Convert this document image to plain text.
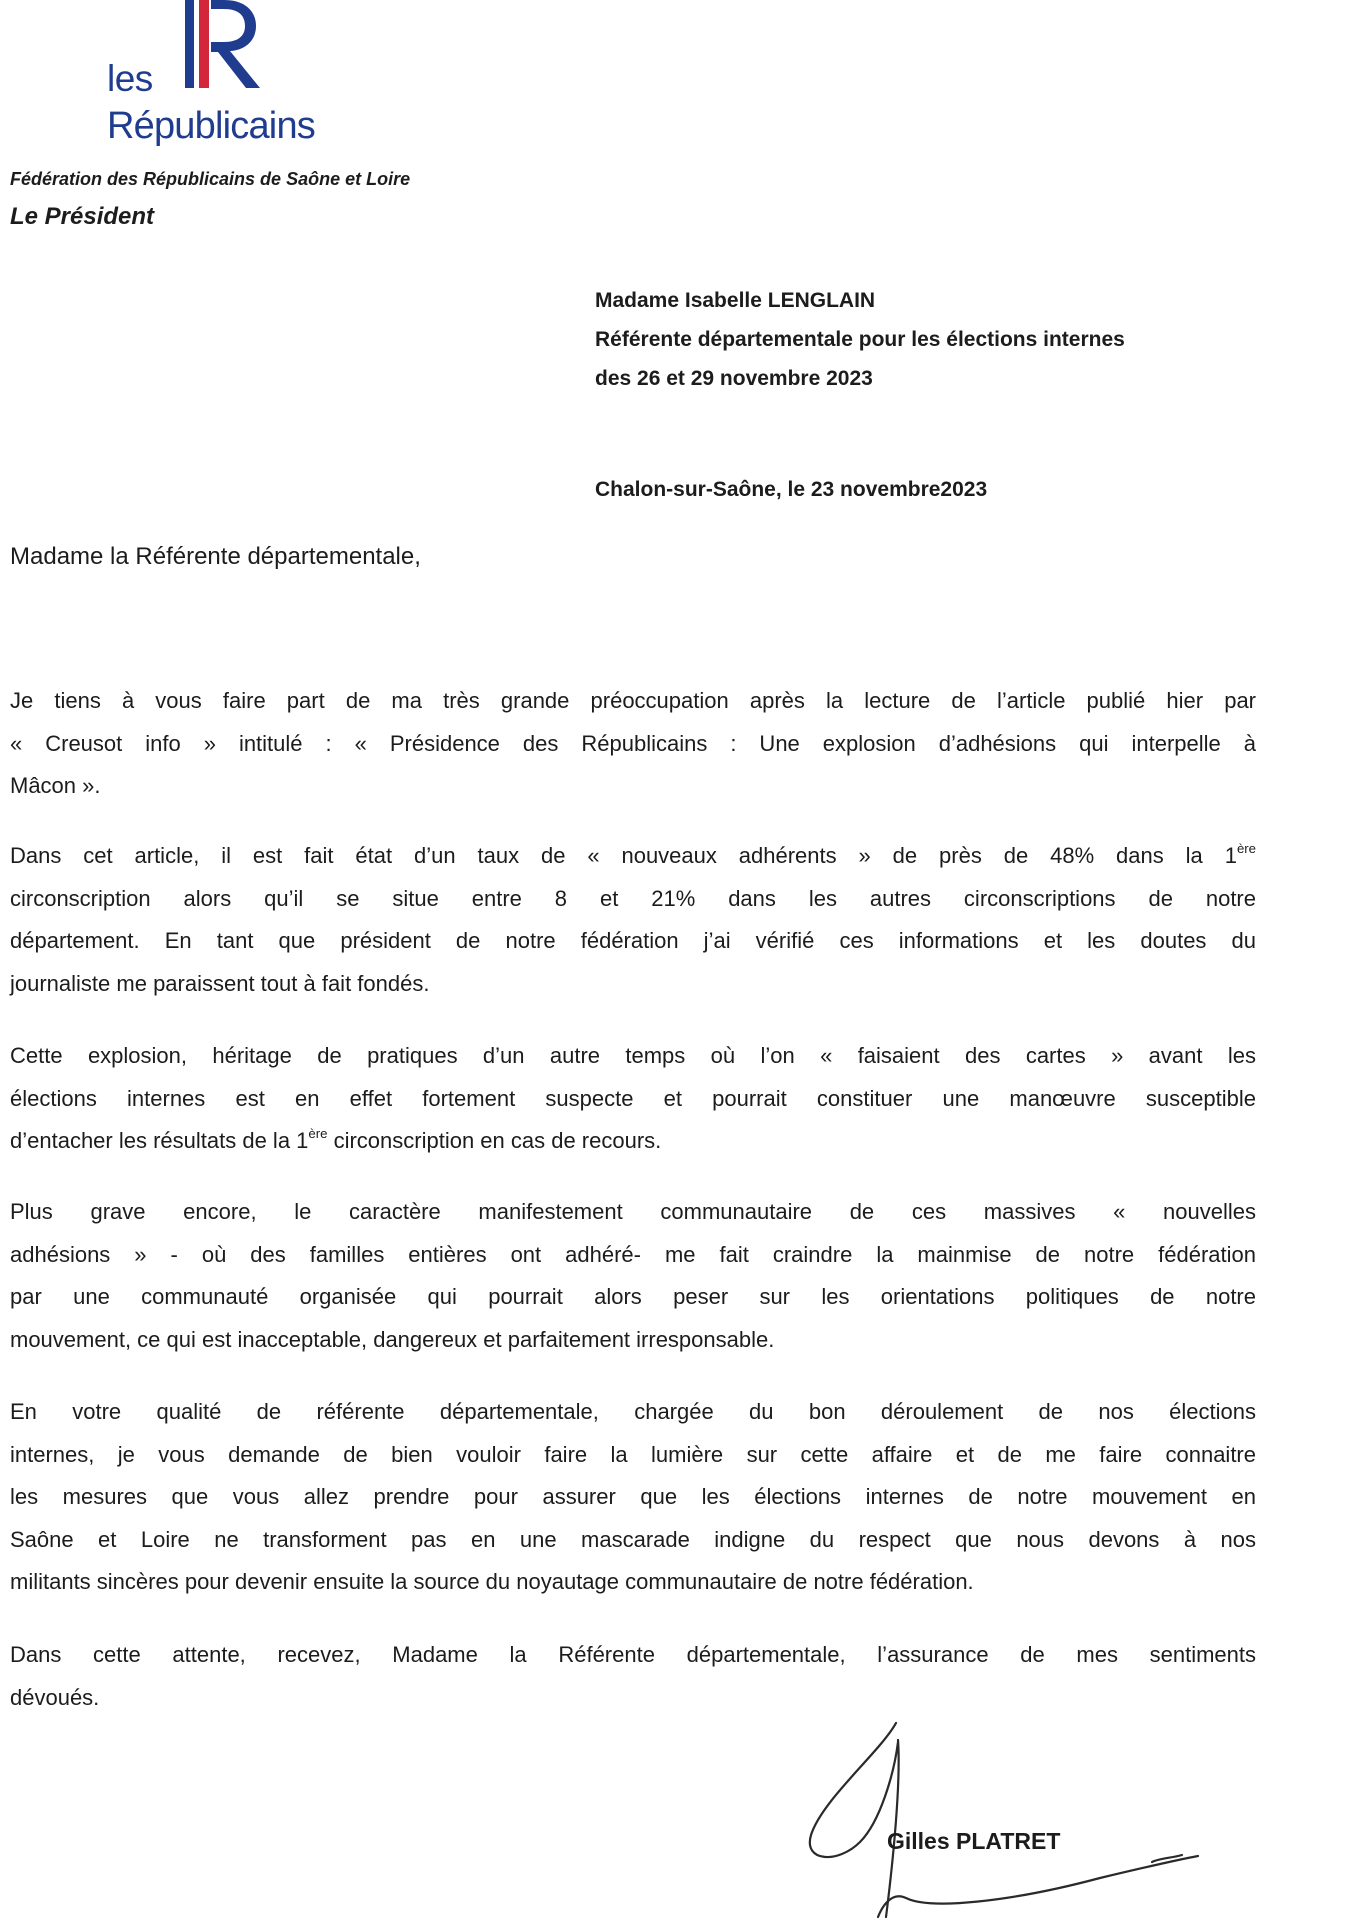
les
Républicains
Fédération des Républicains de Saône et Loire
Le Président
Madame Isabelle LENGLAIN
Référente départementale pour les élections internes
des 26 et 29 novembre 2023
Chalon-sur-Saône, le 23 novembre2023
Madame la Référente départementale,
Je tiens à vous faire part de ma très grande préoccupation après la lecture de l’article publié hier par
« Creusot info » intitulé : « Présidence des Républicains : Une explosion d’adhésions qui interpelle à
Mâcon ».
Dans cet article, il est fait état d’un taux de « nouveaux adhérents » de près de 48% dans la 1ère
circonscription alors qu’il se situe entre 8 et 21% dans les autres circonscriptions de notre
département. En tant que président de notre fédération j’ai vérifié ces informations et les doutes du
journaliste me paraissent tout à fait fondés.
Cette explosion, héritage de pratiques d’un autre temps où l’on « faisaient des cartes » avant les
élections internes est en effet fortement suspecte et pourrait constituer une manœuvre susceptible
d’entacher les résultats de la 1ère circonscription en cas de recours.
Plus grave encore, le caractère manifestement communautaire de ces massives « nouvelles
adhésions » - où des familles entières ont adhéré- me fait craindre la mainmise de notre fédération
par une communauté organisée qui pourrait alors peser sur les orientations politiques de notre
mouvement, ce qui est inacceptable, dangereux et parfaitement irresponsable.
En votre qualité de référente départementale, chargée du bon déroulement de nos élections
internes, je vous demande de bien vouloir faire la lumière sur cette affaire et de me faire connaitre
les mesures que vous allez prendre pour assurer que les élections internes de notre mouvement en
Saône et Loire ne transforment pas en une mascarade indigne du respect que nous devons à nos
militants sincères pour devenir ensuite la source du noyautage communautaire de notre fédération.
Dans cette attente, recevez, Madame la Référente départementale, l’assurance de mes sentiments
dévoués.
Gilles PLATRET
